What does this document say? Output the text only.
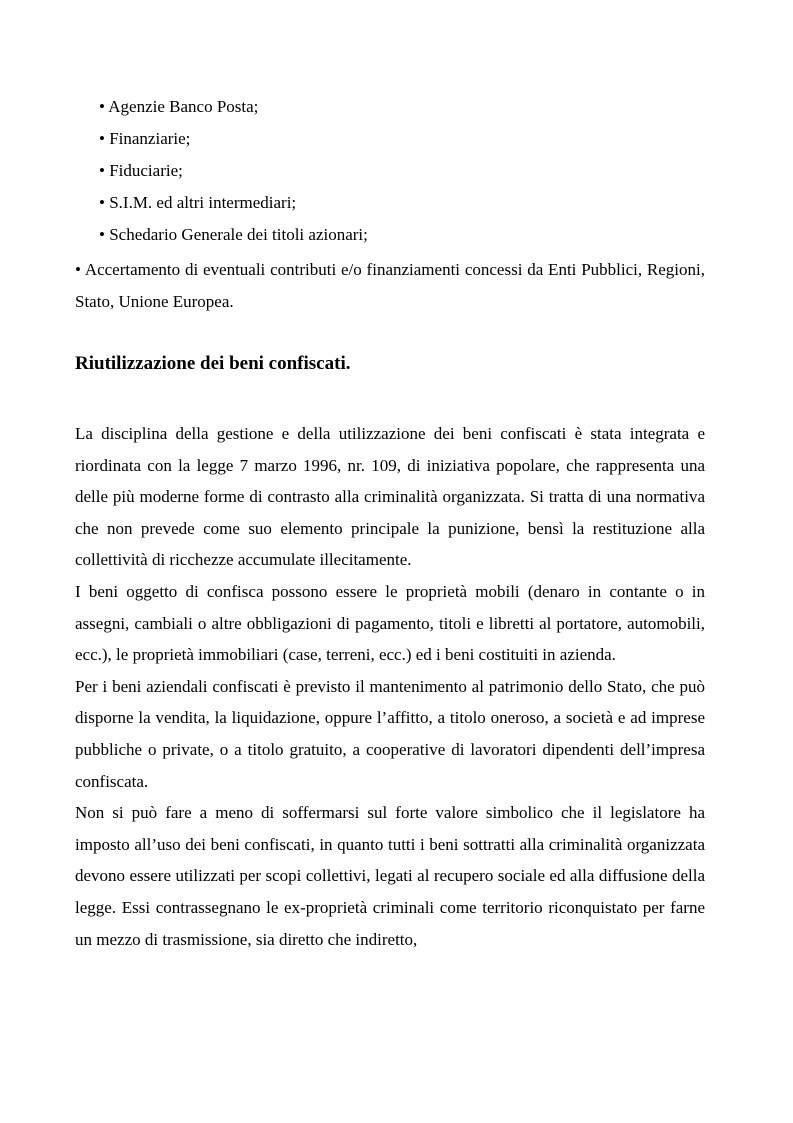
• Agenzie Banco Posta;
• Finanziarie;
• Fiduciarie;
• S.I.M. ed altri intermediari;
• Schedario Generale dei titoli azionari;
• Accertamento di eventuali contributi e/o finanziamenti concessi da Enti Pubblici, Regioni, Stato, Unione Europea.
Riutilizzazione dei beni confiscati.

La disciplina della gestione e della utilizzazione dei beni confiscati è stata integrata e riordinata con la legge 7 marzo 1996, nr. 109, di iniziativa popolare, che rappresenta una delle più moderne forme di contrasto alla criminalità organizzata. Si tratta di una normativa che non prevede come suo elemento principale la punizione, bensì la restituzione alla collettività di ricchezze accumulate illecitamente.

I beni oggetto di confisca possono essere le proprietà mobili (denaro in contante o in assegni, cambiali o altre obbligazioni di pagamento, titoli e libretti al portatore, automobili, ecc.), le proprietà immobiliari (case, terreni, ecc.) ed i beni costituiti in azienda.

Per i beni aziendali confiscati è previsto il mantenimento al patrimonio dello Stato, che può disporne la vendita, la liquidazione, oppure l’affitto, a titolo oneroso, a società e ad imprese pubbliche o private, o a titolo gratuito, a cooperative di lavoratori dipendenti dell’impresa confiscata.

Non si può fare a meno di soffermarsi sul forte valore simbolico che il legislatore ha imposto all’uso dei beni confiscati, in quanto tutti i beni sottratti alla criminalità organizzata devono essere utilizzati per scopi collettivi, legati al recupero sociale ed alla diffusione della legge. Essi contrassegnano le ex-proprietà criminali come territorio riconquistato per farne un mezzo di trasmissione, sia diretto che indiretto,
